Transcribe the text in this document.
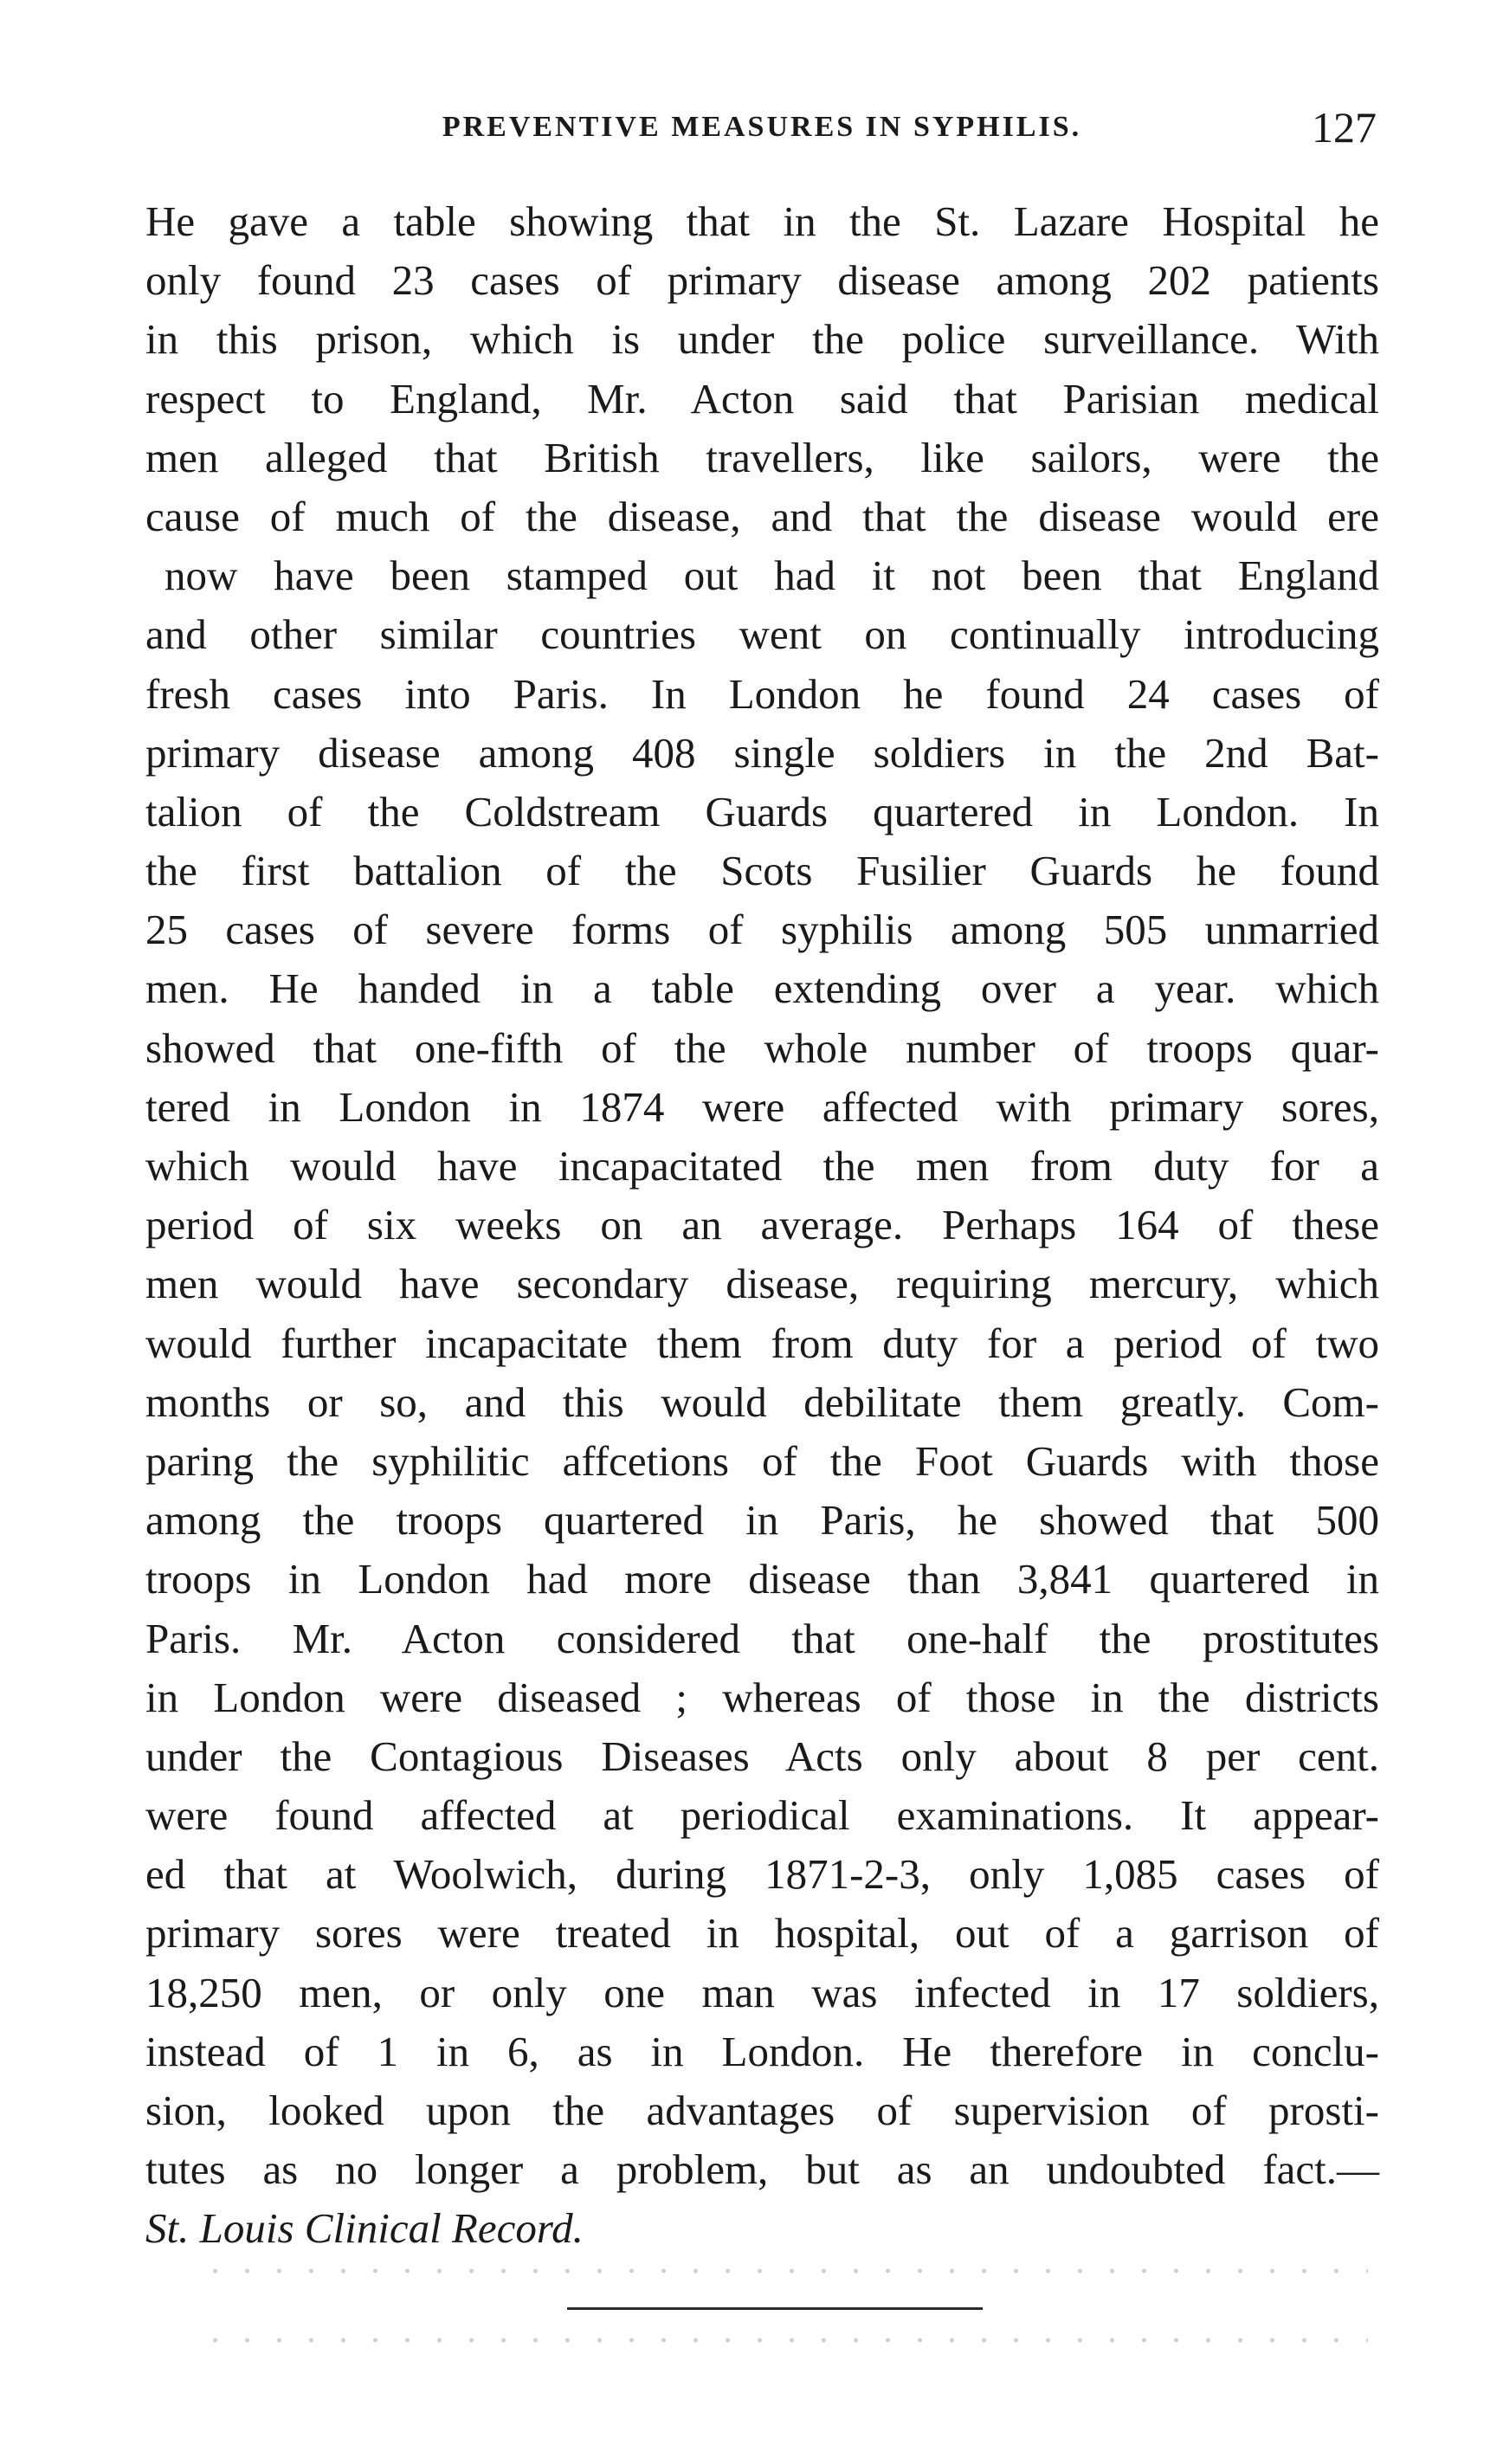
PREVENTIVE MEASURES IN SYPHILIS.	127
He gave a table showing that in the St. Lazare Hospital he
only found 23 cases of primary disease among 202 patients
in this prison, which is under the police surveillance. With
respect to England, Mr. Acton said that Parisian medical
men alleged that British travellers, like sailors, were the
cause of much of the disease, and that the disease would ere
now have been stamped out had it not been that England
and other similar countries went on continually introducing
fresh cases into Paris. In London he found 24 cases of
primary disease among 408 single soldiers in the 2nd Bat-
talion of the Coldstream Guards quartered in London. In
the first battalion of the Scots Fusilier Guards he found
25 cases of severe forms of syphilis among 505 unmarried
men. He handed in a table extending over a year. which
showed that one-fifth of the whole number of troops quar-
tered in London in 1874 were affected with primary sores,
which would have incapacitated the men from duty for a
period of six weeks on an average. Perhaps 164 of these
men would have secondary disease, requiring mercury, which
would further incapacitate them from duty for a period of two
months or so, and this would debilitate them greatly. Com-
paring the syphilitic affcetions of the Foot Guards with those
among the troops quartered in Paris, he showed that 500
troops in London had more disease than 3,841 quartered in
Paris. Mr. Acton considered that one-half the prostitutes
in London were diseased ; whereas of those in the districts
under the Contagious Diseases Acts only about 8 per cent.
were found affected at periodical examinations. It appear-
ed that at Woolwich, during 1871-2-3, only 1,085 cases of
primary sores were treated in hospital, out of a garrison of
18,250 men, or only one man was infected in 17 soldiers,
instead of 1 in 6, as in London. He therefore in conclu-
sion, looked upon the advantages of supervision of prosti-
tutes as no longer a problem, but as an undoubted fact.—
St. Louis Clinical Record.
